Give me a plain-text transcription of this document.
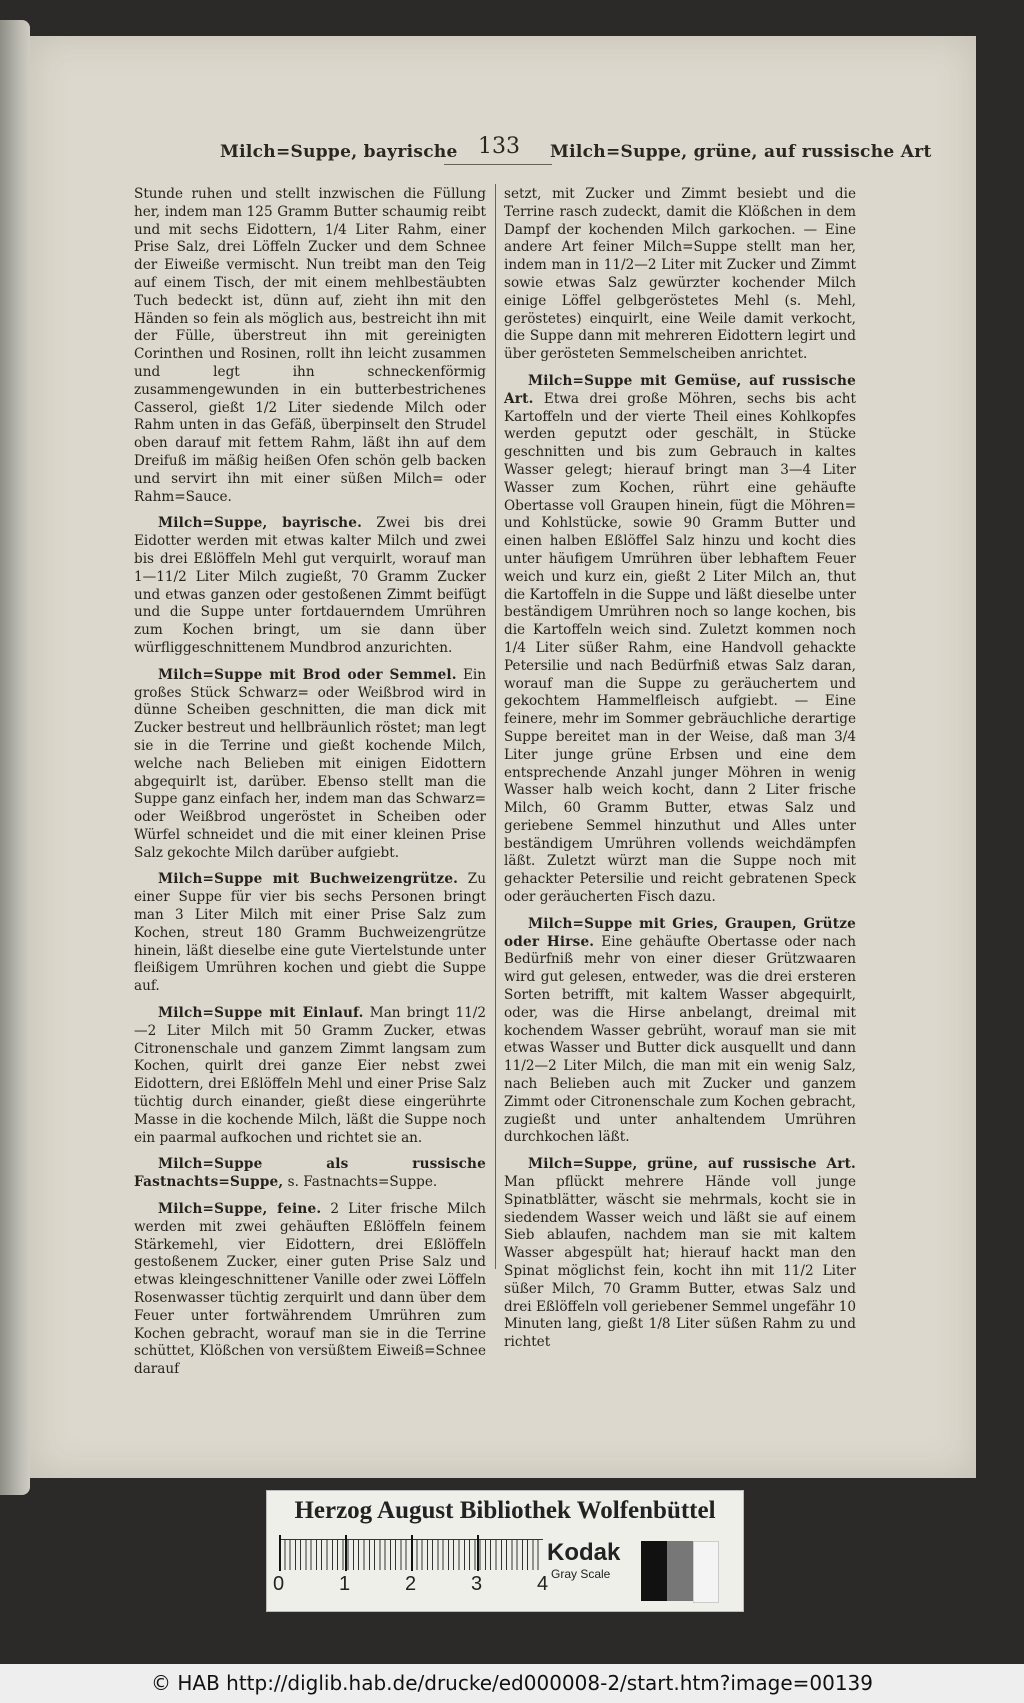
Milch=Suppe, bayrische 133 Milch=Suppe, grüne, auf russische Art

Stunde ruhen und stellt inzwischen die Füllung her, indem man 125 Gramm Butter schaumig reibt und mit sechs Eidottern, 1/4 Liter Rahm, einer Prise Salz, drei Löffeln Zucker und dem Schnee der Eiweiße vermischt. Nun treibt man den Teig auf einem Tisch, der mit einem mehlbestäubten Tuch bedeckt ist, dünn auf, zieht ihn mit den Händen so fein als möglich aus, bestreicht ihn mit der Fülle, überstreut ihn mit gereinigten Corinthen und Rosinen, rollt ihn leicht zusammen und legt ihn schneckenförmig zusammengewunden in ein butterbestrichenes Casserol, gießt 1/2 Liter siedende Milch oder Rahm unten in das Gefäß, überpinselt den Strudel oben darauf mit fettem Rahm, läßt ihn auf dem Dreifuß im mäßig heißen Ofen schön gelb backen und servirt ihn mit einer süßen Milch= oder Rahm=Sauce.

Milch=Suppe, bayrische. Zwei bis drei Eidotter werden mit etwas kalter Milch und zwei bis drei Eßlöffeln Mehl gut verquirlt, worauf man 1—11/2 Liter Milch zugießt, 70 Gramm Zucker und etwas ganzen oder gestoßenen Zimmt beifügt und die Suppe unter fortdauerndem Umrühren zum Kochen bringt, um sie dann über würfliggeschnittenem Mundbrod anzurichten.

Milch=Suppe mit Brod oder Semmel. Ein großes Stück Schwarz= oder Weißbrod wird in dünne Scheiben geschnitten, die man dick mit Zucker bestreut und hellbräunlich röstet; man legt sie in die Terrine und gießt kochende Milch, welche nach Belieben mit einigen Eidottern abgequirlt ist, darüber. Ebenso stellt man die Suppe ganz einfach her, indem man das Schwarz= oder Weißbrod ungeröstet in Scheiben oder Würfel schneidet und die mit einer kleinen Prise Salz gekochte Milch darüber aufgiebt.

Milch=Suppe mit Buchweizengrütze. Zu einer Suppe für vier bis sechs Personen bringt man 3 Liter Milch mit einer Prise Salz zum Kochen, streut 180 Gramm Buchweizengrütze hinein, läßt dieselbe eine gute Viertelstunde unter fleißigem Umrühren kochen und giebt die Suppe auf.

Milch=Suppe mit Einlauf. Man bringt 11/2—2 Liter Milch mit 50 Gramm Zucker, etwas Citronenschale und ganzem Zimmt langsam zum Kochen, quirlt drei ganze Eier nebst zwei Eidottern, drei Eßlöffeln Mehl und einer Prise Salz tüchtig durch einander, gießt diese eingerührte Masse in die kochende Milch, läßt die Suppe noch ein paarmal aufkochen und richtet sie an.

Milch=Suppe als russische Fastnachts=Suppe, s. Fastnachts=Suppe.

Milch=Suppe, feine. 2 Liter frische Milch werden mit zwei gehäuften Eßlöffeln feinem Stärkemehl, vier Eidottern, drei Eßlöffeln gestoßenem Zucker, einer guten Prise Salz und etwas kleingeschnittener Vanille oder zwei Löffeln Rosenwasser tüchtig zerquirlt und dann über dem Feuer unter fortwährendem Umrühren zum Kochen gebracht, worauf man sie in die Terrine schüttet, Klößchen von versüßtem Eiweiß=Schnee darauf

setzt, mit Zucker und Zimmt besiebt und die Terrine rasch zudeckt, damit die Klößchen in dem Dampf der kochenden Milch garkochen. — Eine andere Art feiner Milch=Suppe stellt man her, indem man in 11/2—2 Liter mit Zucker und Zimmt sowie etwas Salz gewürzter kochender Milch einige Löffel gelbgeröstetes Mehl (s. Mehl, geröstetes) einquirlt, eine Weile damit verkocht, die Suppe dann mit mehreren Eidottern legirt und über gerösteten Semmelscheiben anrichtet.

Milch=Suppe mit Gemüse, auf russische Art. Etwa drei große Möhren, sechs bis acht Kartoffeln und der vierte Theil eines Kohlkopfes werden geputzt oder geschält, in Stücke geschnitten und bis zum Gebrauch in kaltes Wasser gelegt; hierauf bringt man 3—4 Liter Wasser zum Kochen, rührt eine gehäufte Obertasse voll Graupen hinein, fügt die Möhren= und Kohlstücke, sowie 90 Gramm Butter und einen halben Eßlöffel Salz hinzu und kocht dies unter häufigem Umrühren über lebhaftem Feuer weich und kurz ein, gießt 2 Liter Milch an, thut die Kartoffeln in die Suppe und läßt dieselbe unter beständigem Umrühren noch so lange kochen, bis die Kartoffeln weich sind. Zuletzt kommen noch 1/4 Liter süßer Rahm, eine Handvoll gehackte Petersilie und nach Bedürfniß etwas Salz daran, worauf man die Suppe zu geräuchertem und gekochtem Hammelfleisch aufgiebt. — Eine feinere, mehr im Sommer gebräuchliche derartige Suppe bereitet man in der Weise, daß man 3/4 Liter junge grüne Erbsen und eine dem entsprechende Anzahl junger Möhren in wenig Wasser halb weich kocht, dann 2 Liter frische Milch, 60 Gramm Butter, etwas Salz und geriebene Semmel hinzuthut und Alles unter beständigem Umrühren vollends weichdämpfen läßt. Zuletzt würzt man die Suppe noch mit gehackter Petersilie und reicht gebratenen Speck oder geräucherten Fisch dazu.

Milch=Suppe mit Gries, Graupen, Grütze oder Hirse. Eine gehäufte Obertasse oder nach Bedürfniß mehr von einer dieser Grützwaaren wird gut gelesen, entweder, was die drei ersteren Sorten betrifft, mit kaltem Wasser abgequirlt, oder, was die Hirse anbelangt, dreimal mit kochendem Wasser gebrüht, worauf man sie mit etwas Wasser und Butter dick ausquellt und dann 11/2—2 Liter Milch, die man mit ein wenig Salz, nach Belieben auch mit Zucker und ganzem Zimmt oder Citronenschale zum Kochen gebracht, zugießt und unter anhaltendem Umrühren durchkochen läßt.

Milch=Suppe, grüne, auf russische Art. Man pflückt mehrere Hände voll junge Spinatblätter, wäscht sie mehrmals, kocht sie in siedendem Wasser weich und läßt sie auf einem Sieb ablaufen, nachdem man sie mit kaltem Wasser abgespült hat; hierauf hackt man den Spinat möglichst fein, kocht ihn mit 11/2 Liter süßer Milch, 70 Gramm Butter, etwas Salz und drei Eßlöffeln voll geriebener Semmel ungefähr 10 Minuten lang, gießt 1/8 Liter süßen Rahm zu und richtet

Herzog August Bibliothek Wolfenbüttel
0	1	2	3	4
Kodak
Gray Scale
© HAB http://diglib.hab.de/drucke/ed000008-2/start.htm?image=00139
